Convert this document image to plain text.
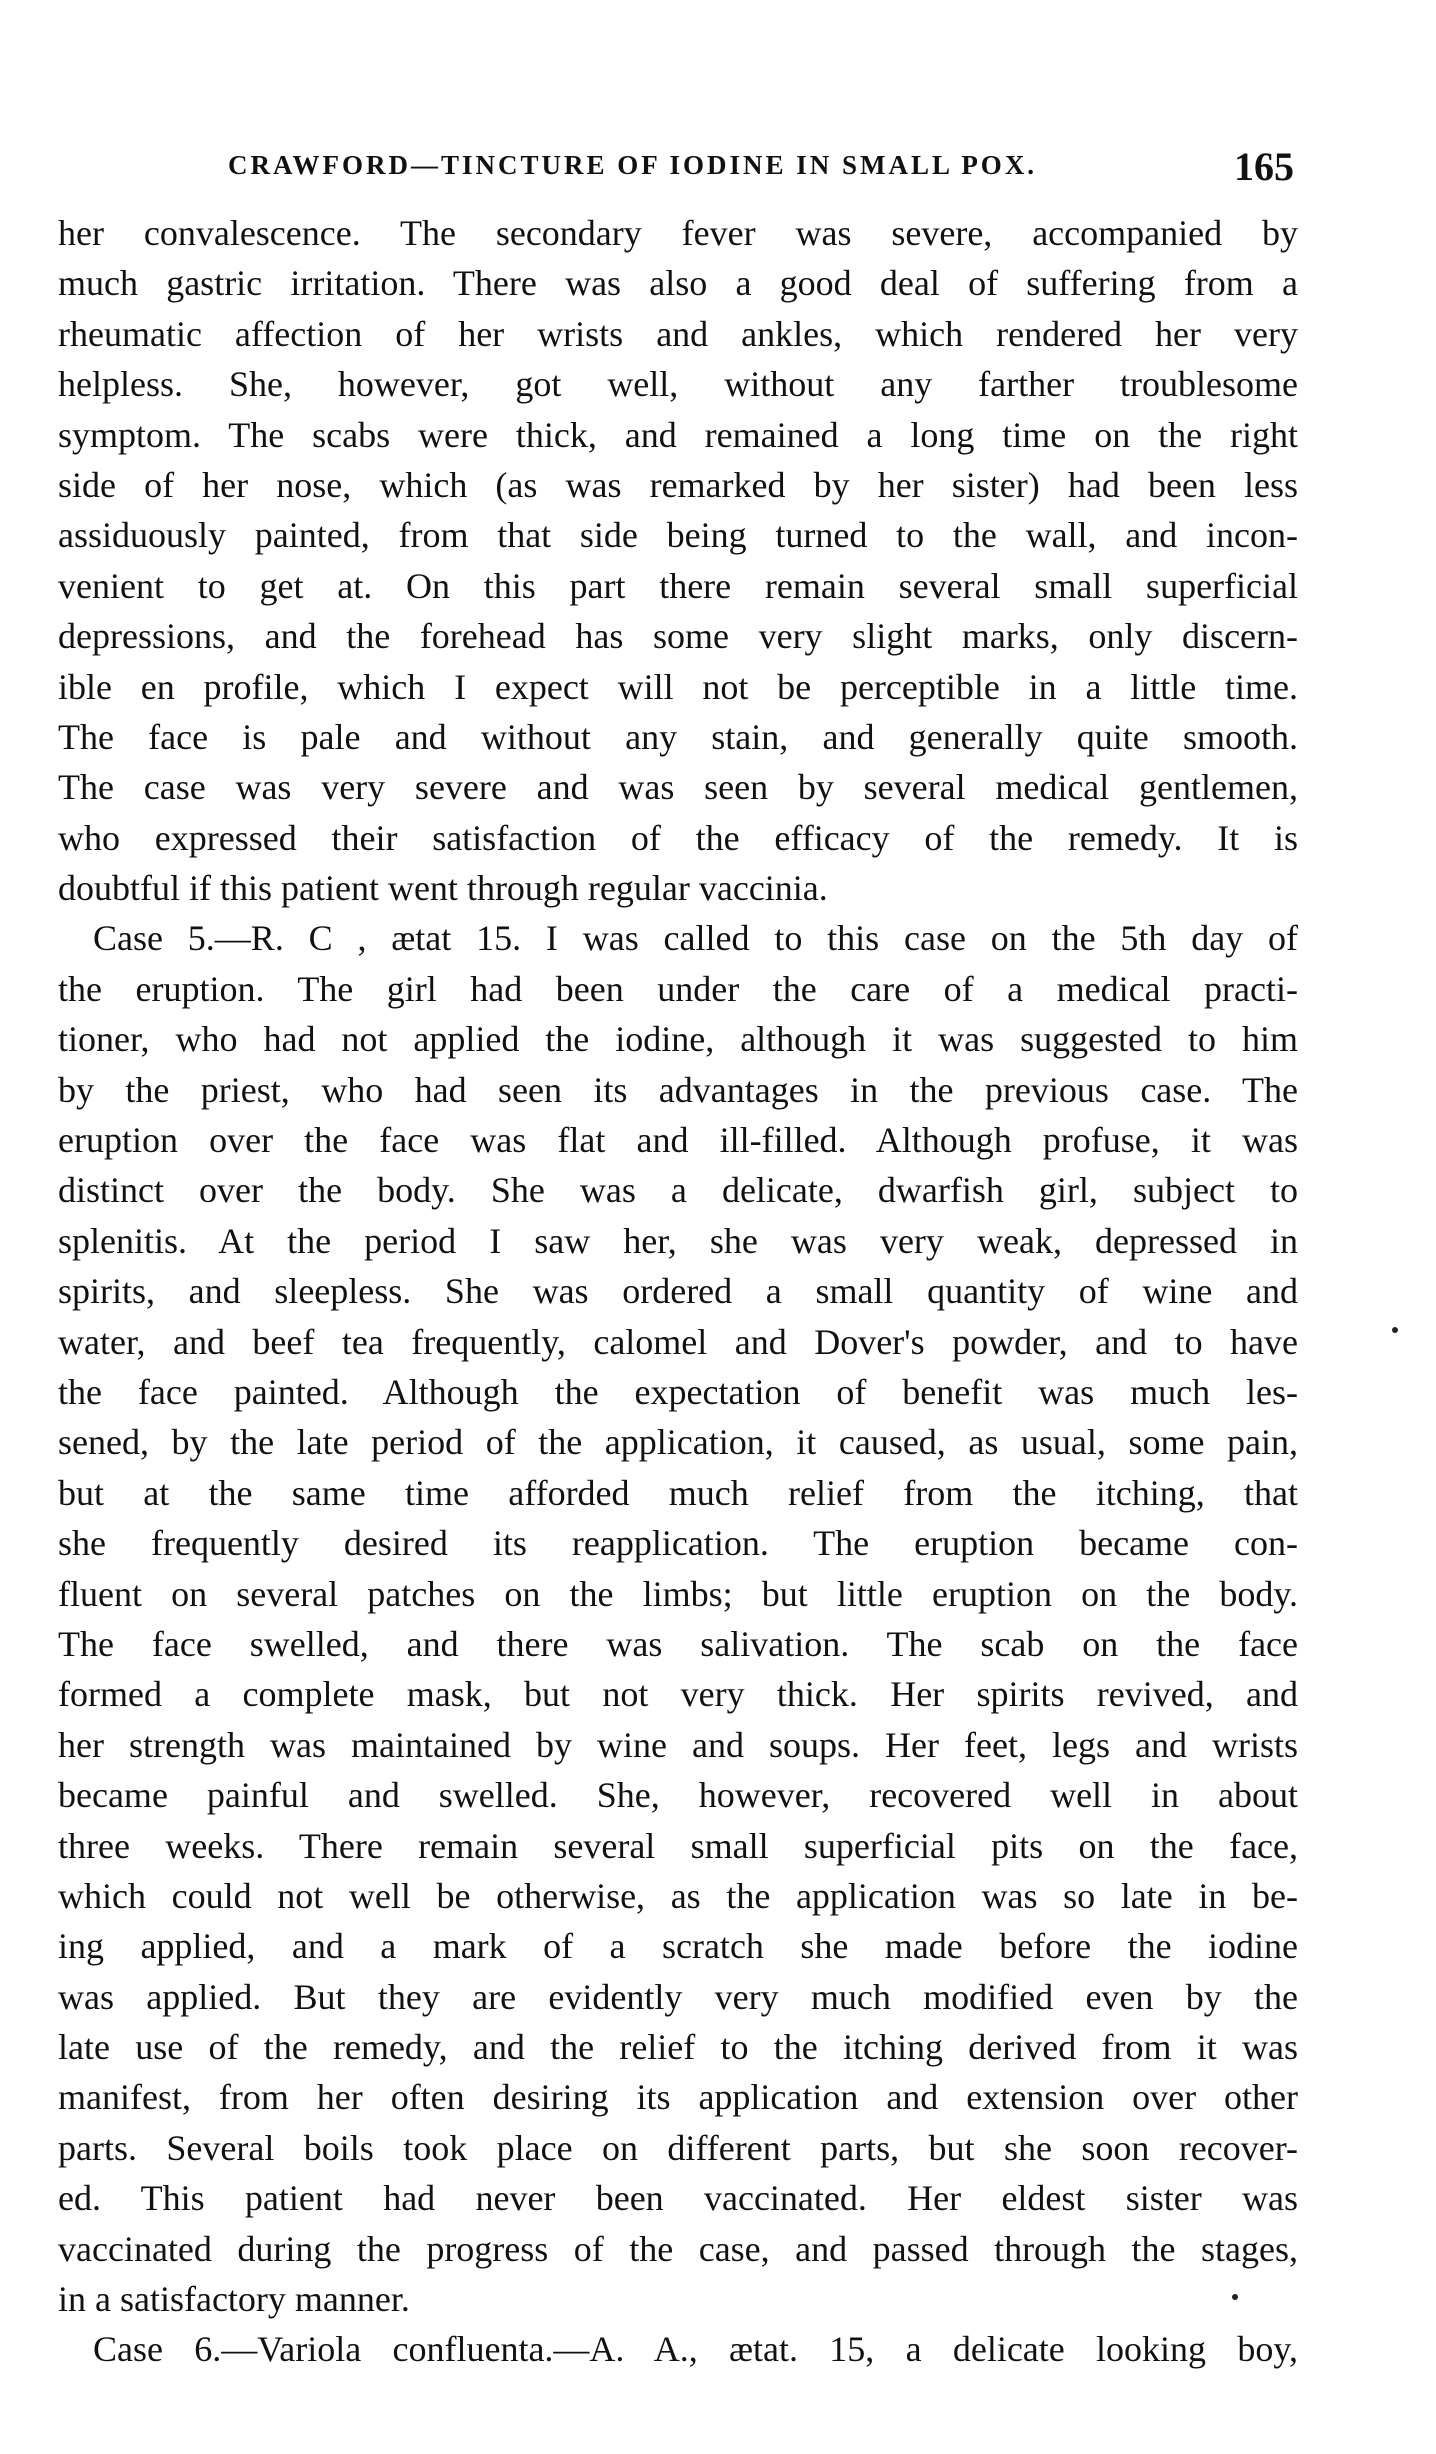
CRAWFORD—TINCTURE OF IODINE IN SMALL POX.	165
her convalescence. The secondary fever was severe, accompanied by
much gastric irritation. There was also a good deal of suffering from a
rheumatic affection of her wrists and ankles, which rendered her very
helpless. She, however, got well, without any farther troublesome
symptom. The scabs were thick, and remained a long time on the right
side of her nose, which (as was remarked by her sister) had been less
assiduously painted, from that side being turned to the wall, and incon-
venient to get at. On this part there remain several small superficial
depressions, and the forehead has some very slight marks, only discern-
ible en profile, which I expect will not be perceptible in a little time.
The face is pale and without any stain, and generally quite smooth.
The case was very severe and was seen by several medical gentlemen,
who expressed their satisfaction of the efficacy of the remedy. It is
doubtful if this patient went through regular vaccinia.
Case 5.—R. C , ætat 15. I was called to this case on the 5th day of
the eruption. The girl had been under the care of a medical practi-
tioner, who had not applied the iodine, although it was suggested to him
by the priest, who had seen its advantages in the previous case. The
eruption over the face was flat and ill-filled. Although profuse, it was
distinct over the body. She was a delicate, dwarfish girl, subject to
splenitis. At the period I saw her, she was very weak, depressed in
spirits, and sleepless. She was ordered a small quantity of wine and
water, and beef tea frequently, calomel and Dover's powder, and to have
the face painted. Although the expectation of benefit was much les-
sened, by the late period of the application, it caused, as usual, some pain,
but at the same time afforded much relief from the itching, that
she frequently desired its reapplication. The eruption became con-
fluent on several patches on the limbs; but little eruption on the body.
The face swelled, and there was salivation. The scab on the face
formed a complete mask, but not very thick. Her spirits revived, and
her strength was maintained by wine and soups. Her feet, legs and wrists
became painful and swelled. She, however, recovered well in about
three weeks. There remain several small superficial pits on the face,
which could not well be otherwise, as the application was so late in be-
ing applied, and a mark of a scratch she made before the iodine
was applied. But they are evidently very much modified even by the
late use of the remedy, and the relief to the itching derived from it was
manifest, from her often desiring its application and extension over other
parts. Several boils took place on different parts, but she soon recover-
ed. This patient had never been vaccinated. Her eldest sister was
vaccinated during the progress of the case, and passed through the stages,
in a satisfactory manner.
Case 6.—Variola confluenta.—A. A., ætat. 15, a delicate looking boy,
